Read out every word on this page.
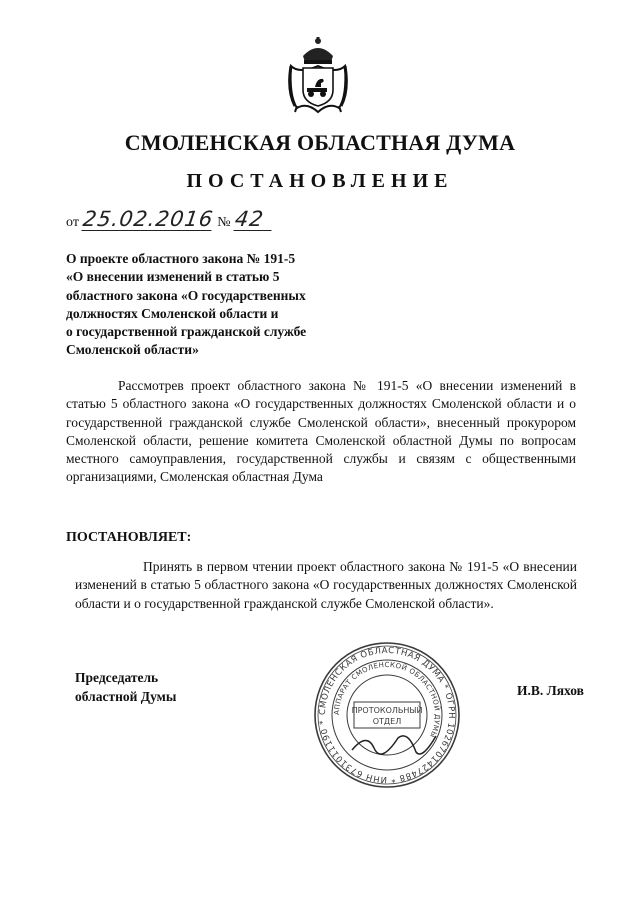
СМОЛЕНСКАЯ ОБЛАСТНАЯ ДУМА
ПОСТАНОВЛЕНИЕ
от 25.02.2016 № 42
О проекте областного закона № 191-5
«О внесении изменений в статью 5
областного закона «О государственных
должностях Смоленской области и
о государственной гражданской службе
Смоленской области»
Рассмотрев проект областного закона № 191-5 «О внесении изменений в статью 5 областного закона «О государственных должностях Смоленской области и о государственной гражданской службе Смоленской области», внесенный прокурором Смоленской области, решение комитета Смоленской областной Думы по вопросам местного самоуправления, государственной службы и связям с общественными организациями, Смоленская областная Дума
ПОСТАНОВЛЯЕТ:
Принять в первом чтении проект областного закона № 191-5 «О внесении изменений в статью 5 областного закона «О государственных должностях Смоленской области и о государственной гражданской службе Смоленской области».
Председатель
областной Думы
СМОЛЕНСКАЯ ОБЛАСТНАЯ ДУМА * ОГРН 1026701427488 * ИНН 6731011190 *
АППАРАТ СМОЛЕНСКОЙ ОБЛАСТНОЙ ДУМЫ
ПРОТОКОЛЬНЫЙ
ОТДЕЛ
И.В. Ляхов
